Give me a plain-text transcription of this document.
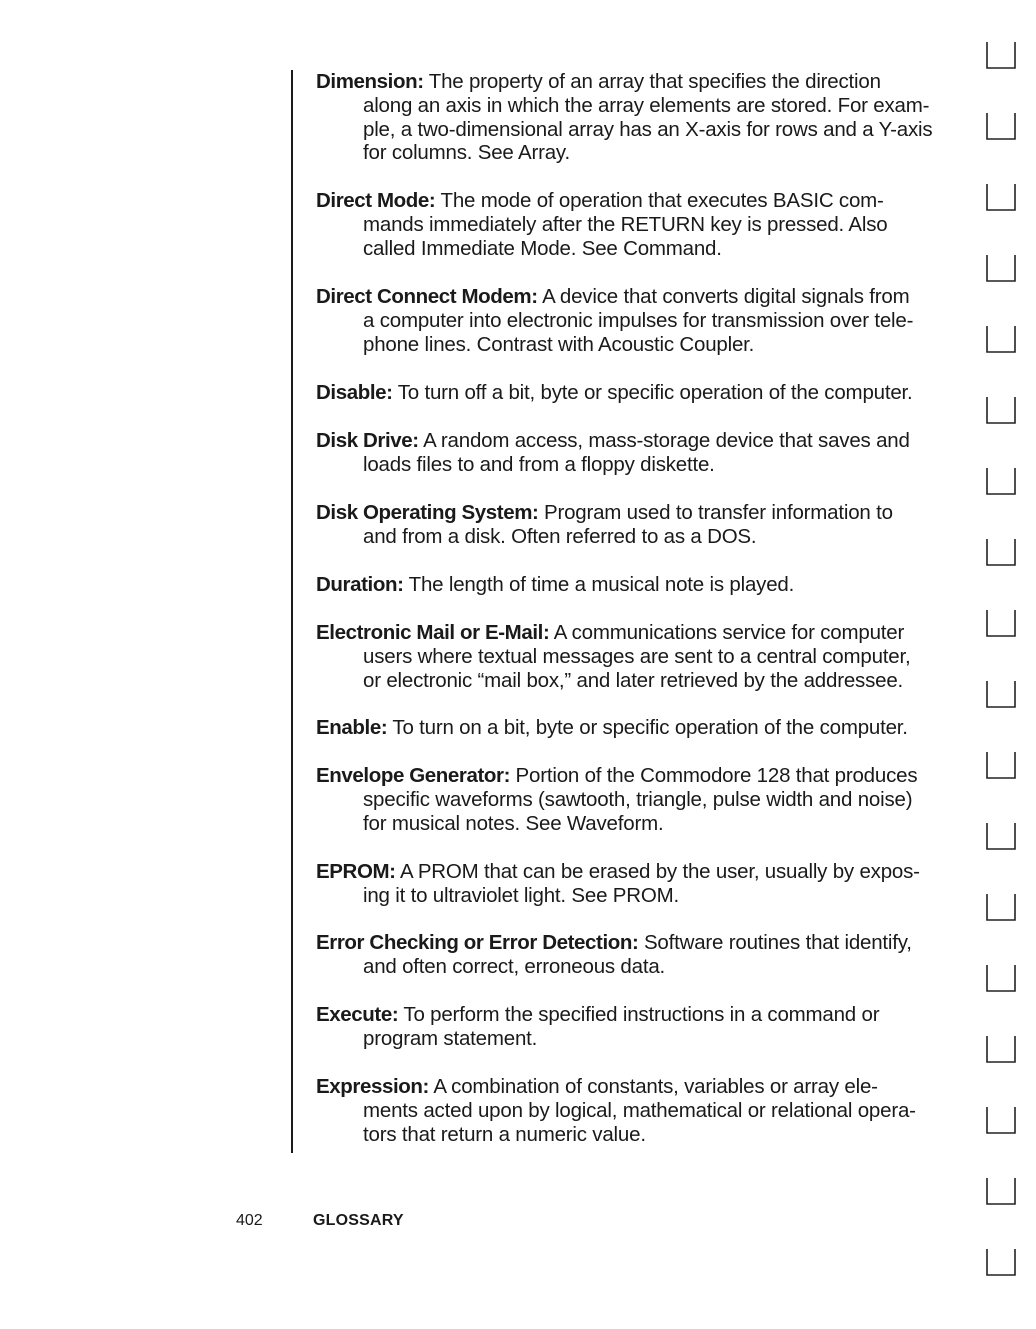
Dimension: The property of an array that specifies the direction
along an axis in which the array elements are stored. For exam-
ple, a two-dimensional array has an X-axis for rows and a Y-axis
for columns. See Array.
Direct Mode: The mode of operation that executes BASIC com-
mands immediately after the RETURN key is pressed. Also
called Immediate Mode. See Command.
Direct Connect Modem: A device that converts digital signals from
a computer into electronic impulses for transmission over tele-
phone lines. Contrast with Acoustic Coupler.
Disable: To turn off a bit, byte or specific operation of the computer.
Disk Drive: A random access, mass-storage device that saves and
loads files to and from a floppy diskette.
Disk Operating System: Program used to transfer information to
and from a disk. Often referred to as a DOS.
Duration: The length of time a musical note is played.
Electronic Mail or E-Mail: A communications service for computer
users where textual messages are sent to a central computer,
or electronic “mail box,” and later retrieved by the addressee.
Enable: To turn on a bit, byte or specific operation of the computer.
Envelope Generator: Portion of the Commodore 128 that produces
specific waveforms (sawtooth, triangle, pulse width and noise)
for musical notes. See Waveform.
EPROM: A PROM that can be erased by the user, usually by expos-
ing it to ultraviolet light. See PROM.
Error Checking or Error Detection: Software routines that identify,
and often correct, erroneous data.
Execute: To perform the specified instructions in a command or
program statement.
Expression: A combination of constants, variables or array ele-
ments acted upon by logical, mathematical or relational opera-
tors that return a numeric value.
402	GLOSSARY
